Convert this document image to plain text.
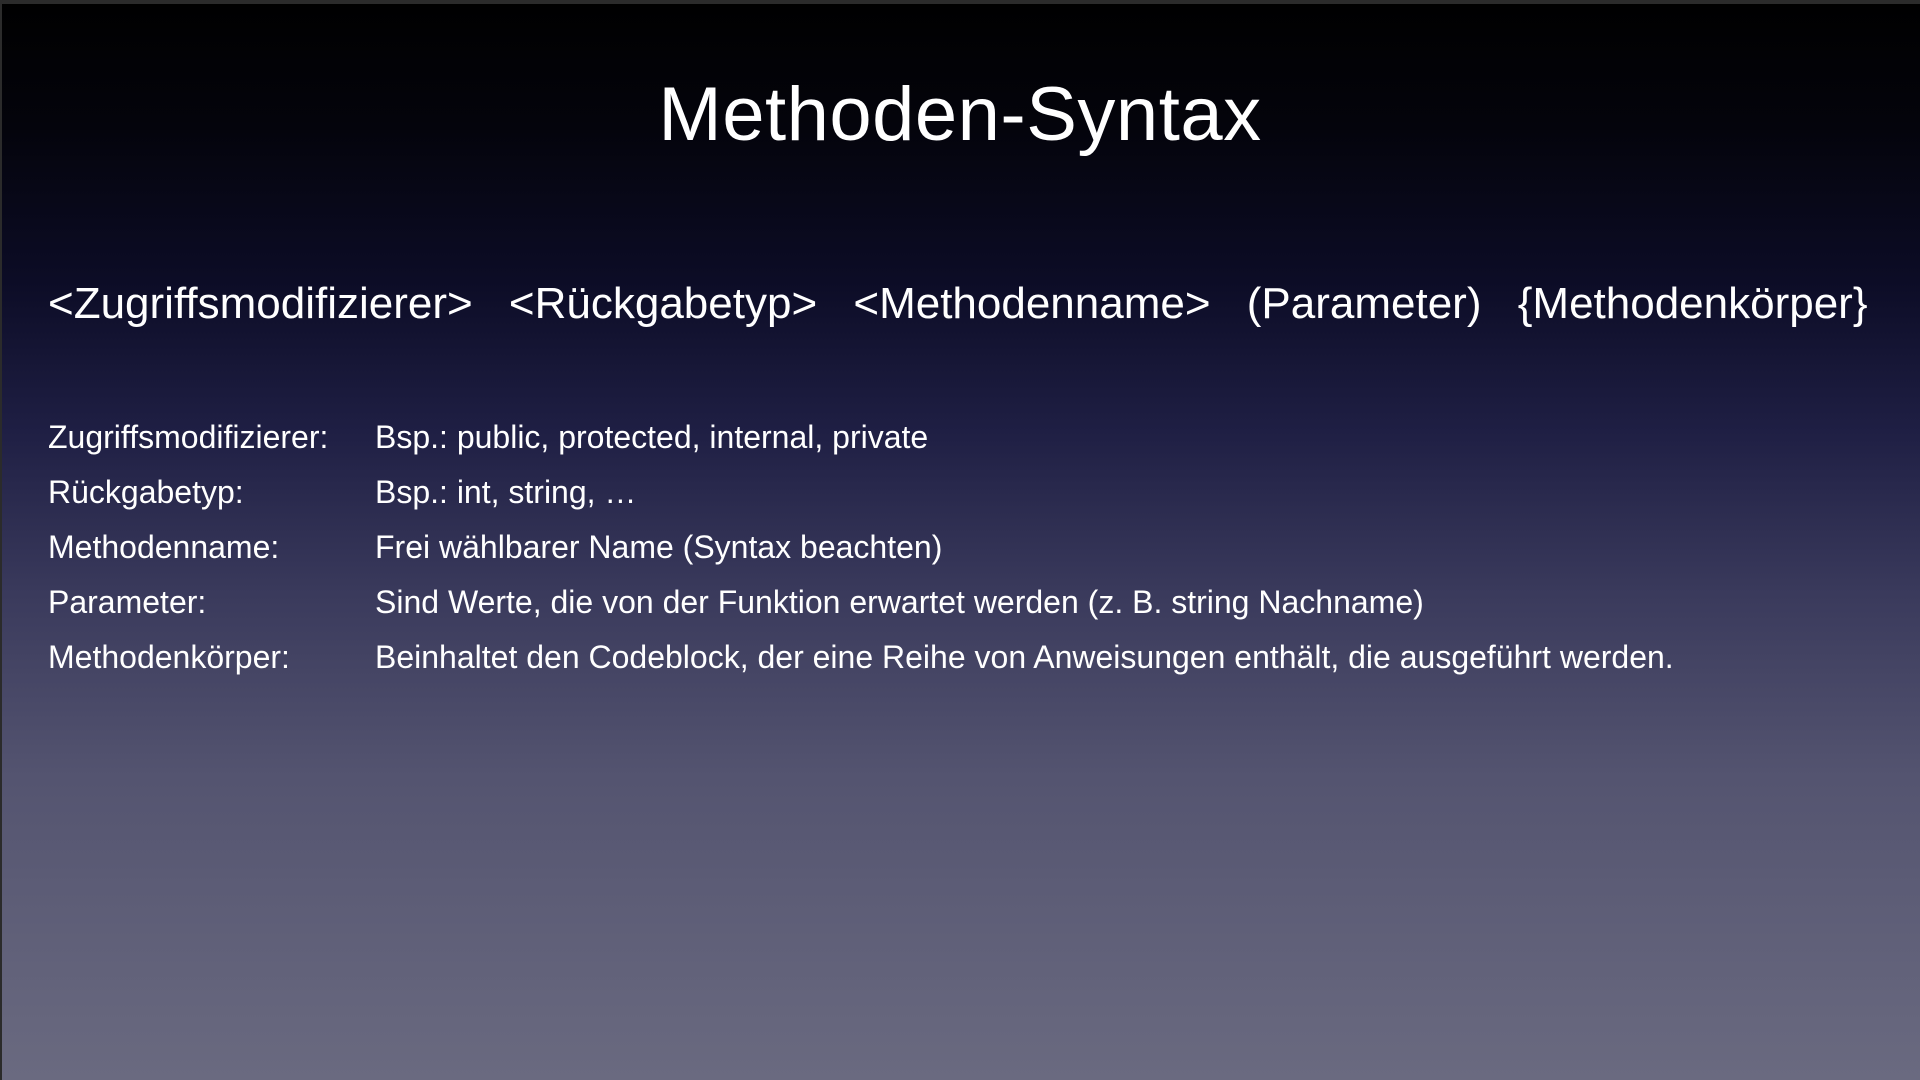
Methoden-Syntax
<Zugriffsmodifizierer> <Rückgabetyp> <Methodenname> (Parameter) {Methodenkörper}
Zugriffsmodifizierer:	Bsp.: public, protected, internal, private
Rückgabetyp:	Bsp.: int, string, …
Methodenname:	Frei wählbarer Name (Syntax beachten)
Parameter:	Sind Werte, die von der Funktion erwartet werden (z. B. string Nachname)
Methodenkörper:	Beinhaltet den Codeblock, der eine Reihe von Anweisungen enthält, die ausgeführt werden.
